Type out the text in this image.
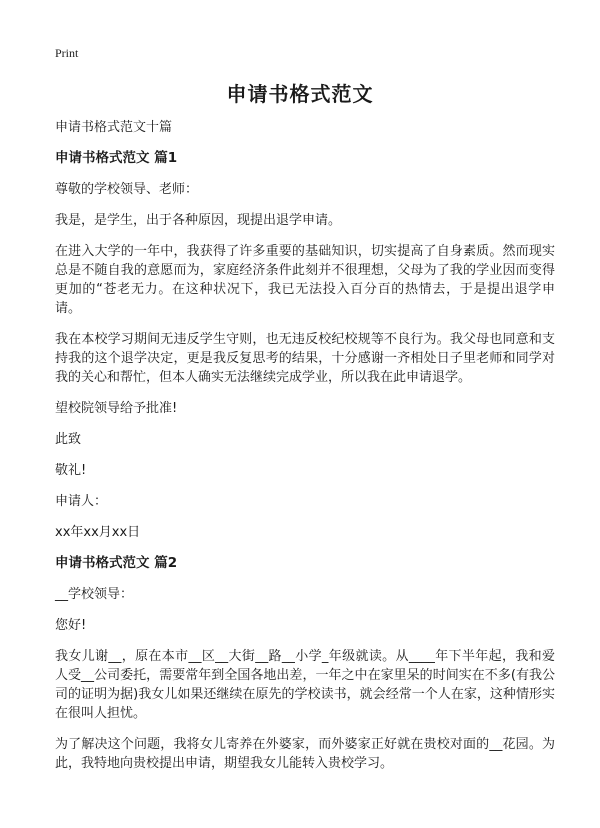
Print
申请书格式范文

申请书格式范文十篇

申请书格式范文 篇1

尊敬的学校领导、老师：

我是，是学生，出于各种原因，现提出退学申请。

在进入大学的一年中，我获得了许多重要的基础知识，切实提高了自身素质。然而现实总是不随自我的意愿而为，家庭经济条件此刻并不很理想，父母为了我的学业因而变得更加的“苍老无力。在这种状况下，我已无法投入百分百的热情去，于是提出退学申请。

我在本校学习期间无违反学生守则，也无违反校纪校规等不良行为。我父母也同意和支持我的这个退学决定，更是我反复思考的结果，十分感谢一齐相处日子里老师和同学对我的关心和帮忙，但本人确实无法继续完成学业，所以我在此申请退学。

望校院领导给予批准!

此致

敬礼!

申请人：

xx年xx月xx日

申请书格式范文 篇2

__学校领导：

您好!

我女儿谢__，原在本市__区__大街__路__小学_年级就读。从____年下半年起，我和爱人受__公司委托，需要常年到全国各地出差，一年之中在家里呆的时间实在不多(有我公司的证明为据)我女儿如果还继续在原先的学校读书，就会经常一个人在家，这种情形实在很叫人担忧。

为了解决这个问题，我将女儿寄养在外婆家，而外婆家正好就在贵校对面的__花园。为此，我特地向贵校提出申请，期望我女儿能转入贵校学习。
